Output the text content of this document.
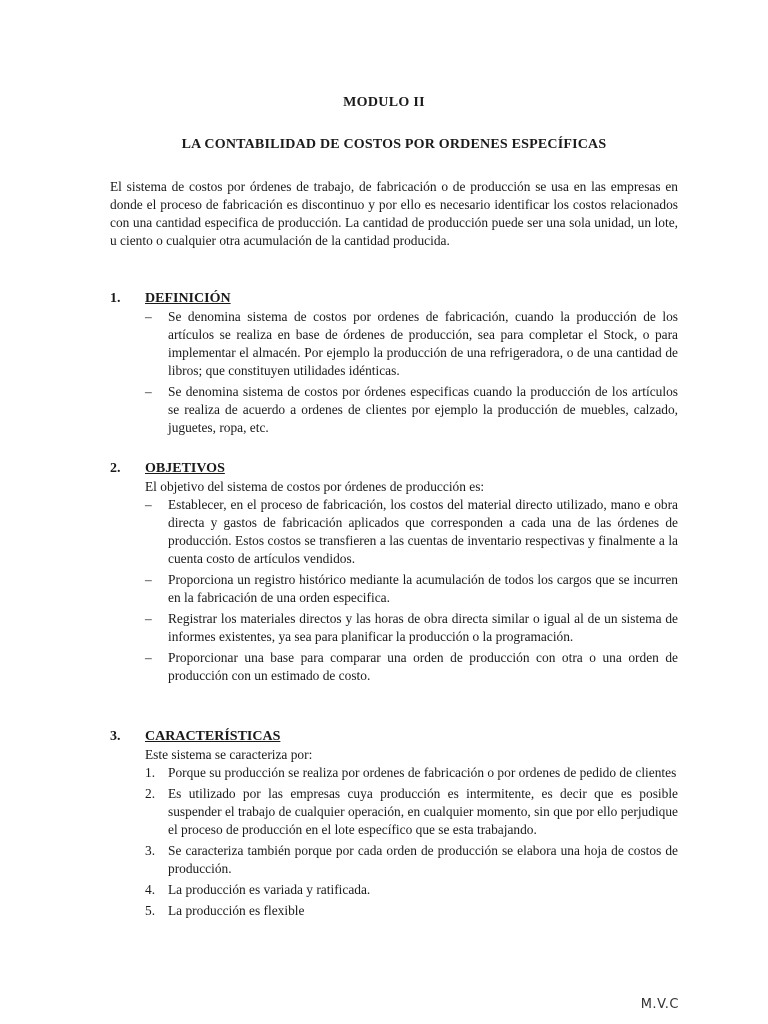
MODULO II
LA CONTABILIDAD DE COSTOS POR ORDENES ESPECÍFICAS

El sistema de costos por órdenes de trabajo, de fabricación o de producción se usa en las empresas en donde el proceso de fabricación es discontinuo y por ello es necesario identificar los costos relacionados con una cantidad especifica de producción. La cantidad de producción puede ser una sola unidad, un lote, u ciento o cualquier otra acumulación de la cantidad producida.

1. DEFINICIÓN
– Se denomina sistema de costos por ordenes de fabricación, cuando la producción de los artículos se realiza en base de órdenes de producción, sea para completar el Stock, o para implementar el almacén. Por ejemplo la producción de una refrigeradora, o de una cantidad de libros; que constituyen utilidades idénticas.
– Se denomina sistema de costos por órdenes especificas cuando la producción de los artículos se realiza de acuerdo a ordenes de clientes por ejemplo la producción de muebles, calzado, juguetes, ropa, etc.
2. OBJETIVOS

El objetivo del sistema de costos por órdenes de producción es:

– Establecer, en el proceso de fabricación, los costos del material directo utilizado, mano e obra directa y gastos de fabricación aplicados que corresponden a cada una de las órdenes de producción. Estos costos se transfieren a las cuentas de inventario respectivas y finalmente a la cuenta costo de artículos vendidos.
– Proporciona un registro histórico mediante la acumulación de todos los cargos que se incurren en la fabricación de una orden especifica.
– Registrar los materiales directos y las horas de obra directa similar o igual al de un sistema de informes existentes, ya sea para planificar la producción o la programación.
– Proporcionar una base para comparar una orden de producción con otra o una orden de producción con un estimado de costo.
3. CARACTERÍSTICAS

Este sistema se caracteriza por:

1. Porque su producción se realiza por ordenes de fabricación o por ordenes de pedido de clientes
2. Es utilizado por las empresas cuya producción es intermitente, es decir que es posible suspender el trabajo de cualquier operación, en cualquier momento, sin que por ello perjudique el proceso de producción en el lote específico que se esta trabajando.
3. Se caracteriza también porque por cada orden de producción se elabora una hoja de costos de producción.
4. La producción es variada y ratificada.
5. La producción es flexible
M.V.C
